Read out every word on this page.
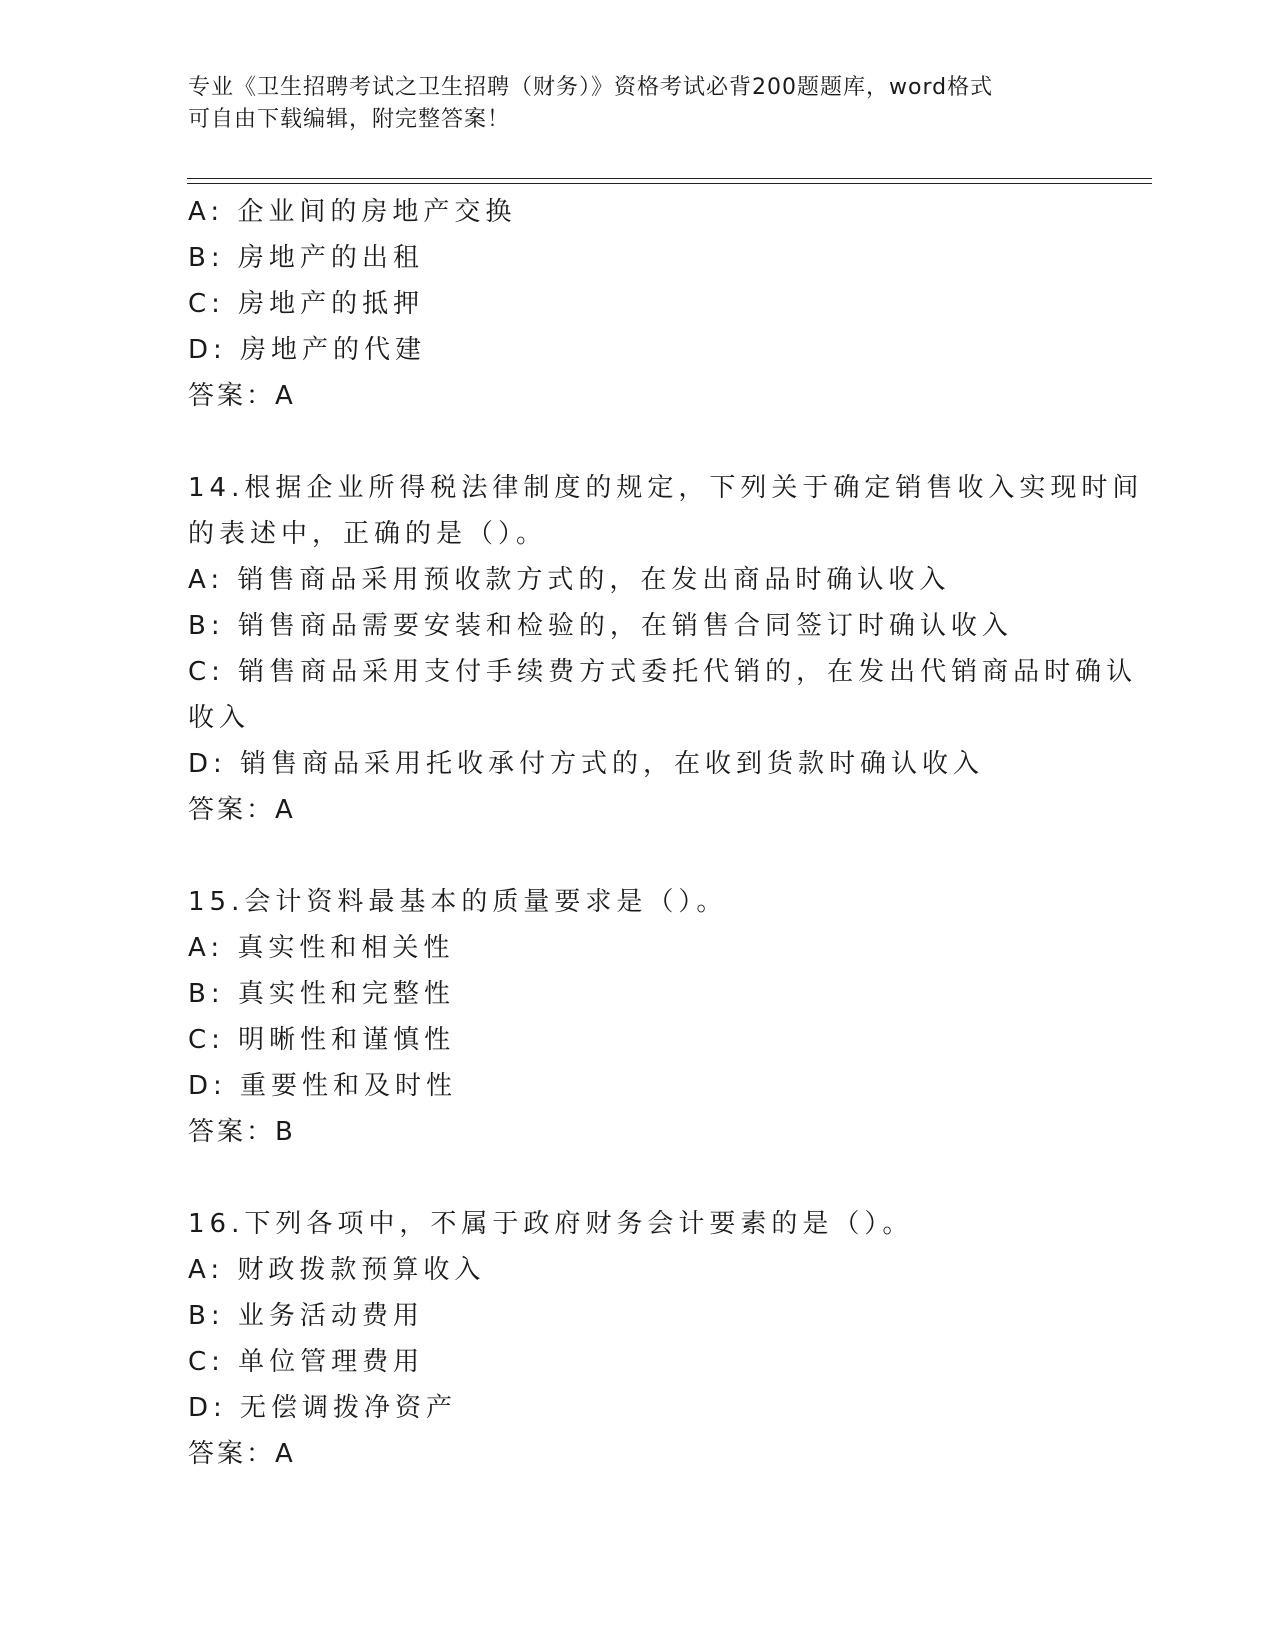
专业《卫生招聘考试之卫生招聘（财务）》资格考试必背200题题库，word格式
可自由下载编辑，附完整答案！
A: 企业间的房地产交换
B: 房地产的出租
C: 房地产的抵押
D: 房地产的代建
答案：A
14.根据企业所得税法律制度的规定，下列关于确定销售收入实现时间
的表述中，正确的是（）。
A: 销售商品采用预收款方式的，在发出商品时确认收入
B: 销售商品需要安装和检验的，在销售合同签订时确认收入
C: 销售商品采用支付手续费方式委托代销的，在发出代销商品时确认
收入
D: 销售商品采用托收承付方式的，在收到货款时确认收入
答案：A
15.会计资料最基本的质量要求是（）。
A: 真实性和相关性
B: 真实性和完整性
C: 明晰性和谨慎性
D: 重要性和及时性
答案：B
16.下列各项中，不属于政府财务会计要素的是（）。
A: 财政拨款预算收入
B: 业务活动费用
C: 单位管理费用
D: 无偿调拨净资产
答案：A
